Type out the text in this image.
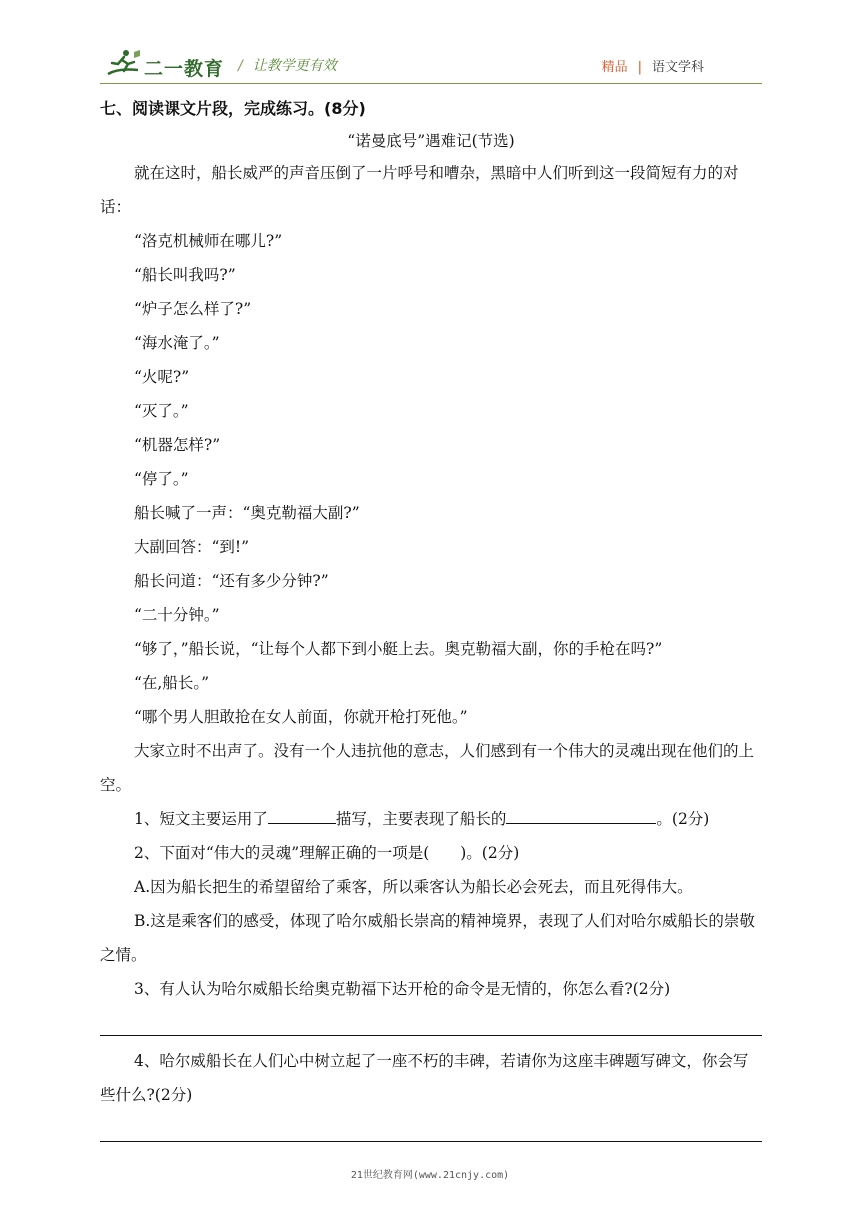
二一教育 / 让教学更有效	精品 | 语文学科
七、阅读课文片段，完成练习。(8分)
“诺曼底号”遇难记(节选)

就在这时，船长威严的声音压倒了一片呼号和嘈杂，黑暗中人们听到这一段简短有力的对话：

“洛克机械师在哪儿?”

“船长叫我吗?”

“炉子怎么样了?”

“海水淹了。”

“火呢?”

“灭了。”

“机器怎样?”

“停了。”

船长喊了一声：“奥克勒福大副?”

大副回答：“到!”

船长问道：“还有多少分钟?”

“二十分钟。”

“够了，”船长说，“让每个人都下到小艇上去。奥克勒福大副，你的手枪在吗?”

“在,船长。”

“哪个男人胆敢抢在女人前面，你就开枪打死他。”

大家立时不出声了。没有一个人违抗他的意志，人们感到有一个伟大的灵魂出现在他们的上空。

1、短文主要运用了	描写，主要表现了船长的	。(2分)

2、下面对“伟大的灵魂”理解正确的一项是(　　)。(2分)

A.因为船长把生的希望留给了乘客，所以乘客认为船长必会死去，而且死得伟大。

B.这是乘客们的感受，体现了哈尔威船长崇高的精神境界，表现了人们对哈尔威船长的崇敬之情。

3、有人认为哈尔威船长给奥克勒福下达开枪的命令是无情的，你怎么看?(2分)

4、哈尔威船长在人们心中树立起了一座不朽的丰碑，若请你为这座丰碑题写碑文，你会写些什么?(2分)

21世纪教育网(www.21cnjy.com)
